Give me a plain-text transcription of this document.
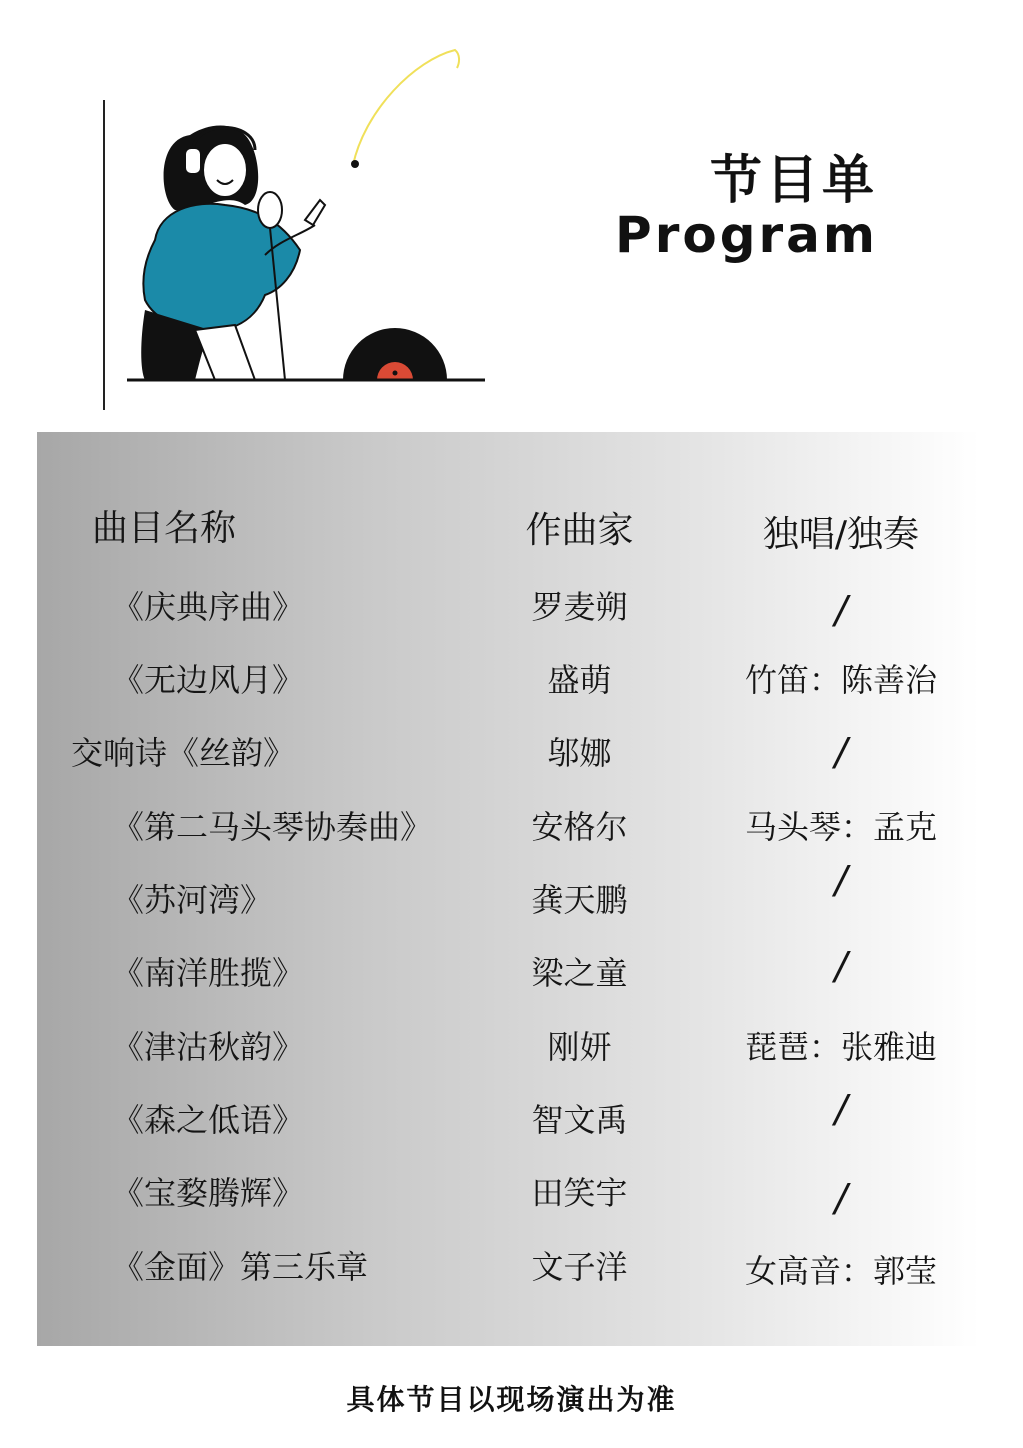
节目单
Program
曲目名称	作曲家	独唱/独奏
《庆典序曲》	罗麦朔	/
《无边风月》	盛萌	竹笛：陈善治
交响诗《丝韵》	邬娜	/
《第二马头琴协奏曲》	安格尔	马头琴：孟克
《苏河湾》	龚天鹏	/
《南洋胜揽》	梁之童	/
《津沽秋韵》	刚妍	琵琶：张雅迪
《森之低语》	智文禹	/
《宝婺腾辉》	田笑宇	/
《金面》第三乐章	文子洋	女高音：郭莹
具体节目以现场演出为准
